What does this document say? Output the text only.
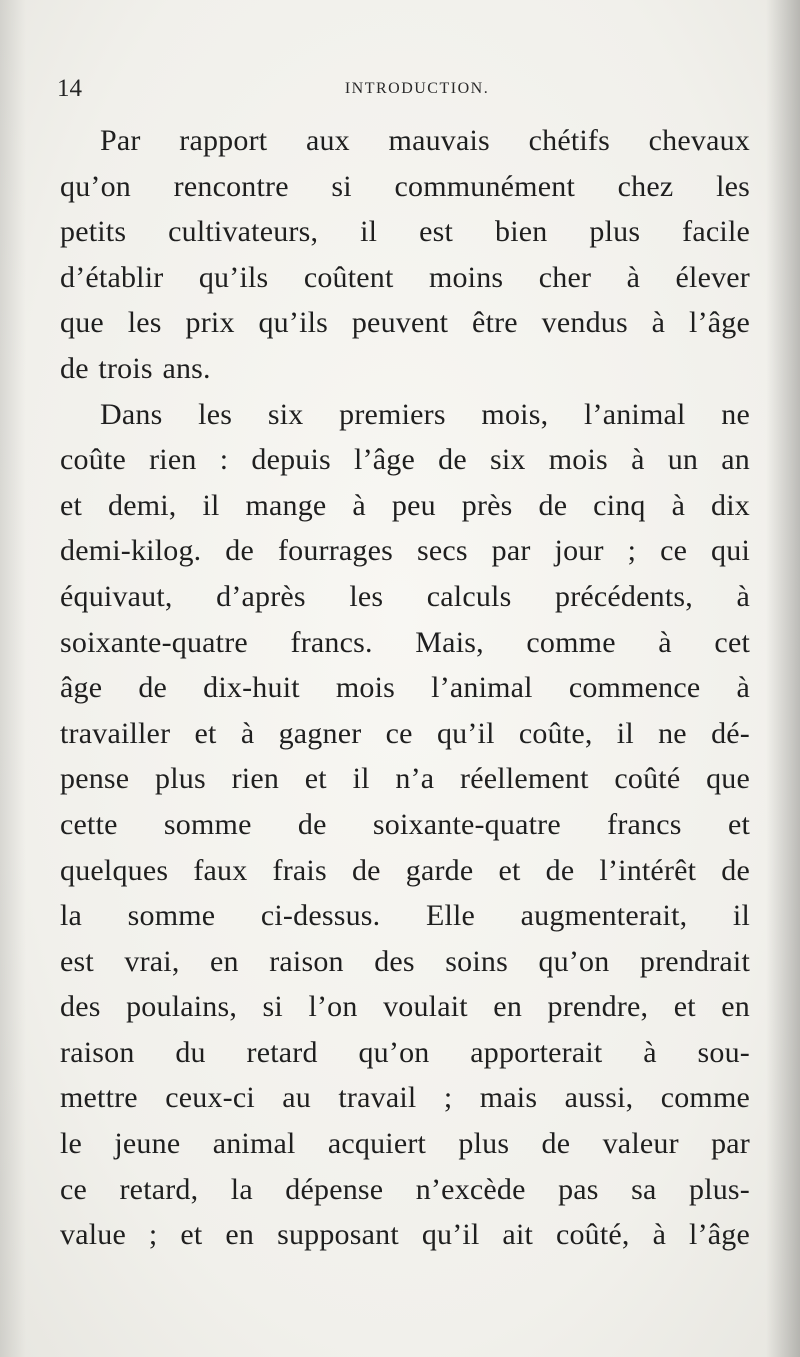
14	INTRODUCTION.
Par rapport aux mauvais chétifs chevaux
qu’on rencontre si communément chez les
petits cultivateurs, il est bien plus facile
d’établir qu’ils coûtent moins cher à élever
que les prix qu’ils peuvent être vendus à l’âge
de trois ans.
Dans les six premiers mois, l’animal ne
coûte rien : depuis l’âge de six mois à un an
et demi, il mange à peu près de cinq à dix
demi-kilog. de fourrages secs par jour ; ce qui
équivaut, d’après les calculs précédents, à
soixante-quatre francs. Mais, comme à cet
âge de dix-huit mois l’animal commence à
travailler et à gagner ce qu’il coûte, il ne dé-
pense plus rien et il n’a réellement coûté que
cette somme de soixante-quatre francs et
quelques faux frais de garde et de l’intérêt de
la somme ci-dessus. Elle augmenterait, il
est vrai, en raison des soins qu’on prendrait
des poulains, si l’on voulait en prendre, et en
raison du retard qu’on apporterait à sou-
mettre ceux-ci au travail ; mais aussi, comme
le jeune animal acquiert plus de valeur par
ce retard, la dépense n’excède pas sa plus-
value ; et en supposant qu’il ait coûté, à l’âge
